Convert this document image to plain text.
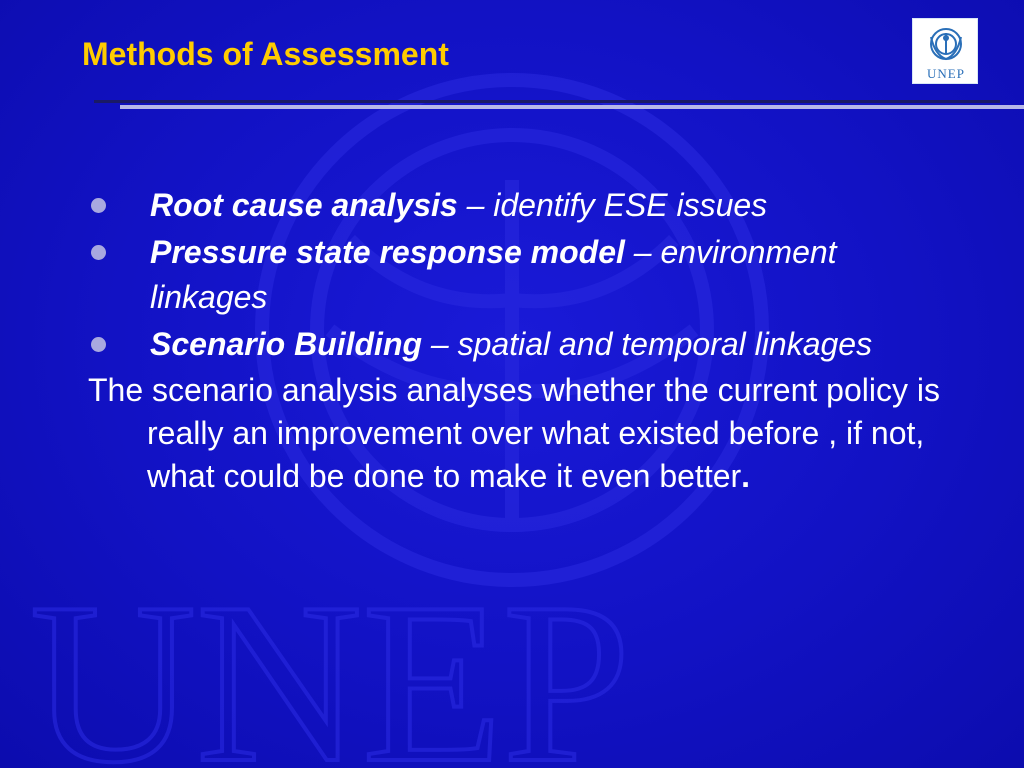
UNEP
Methods of Assessment
UNEP
Root cause analysis – identify ESE issues
Pressure state response model – environment linkages
Scenario Building – spatial and temporal linkages
The scenario analysis analyses whether the current policy is really an improvement over what existed before , if not, what could be done to make it even better.
